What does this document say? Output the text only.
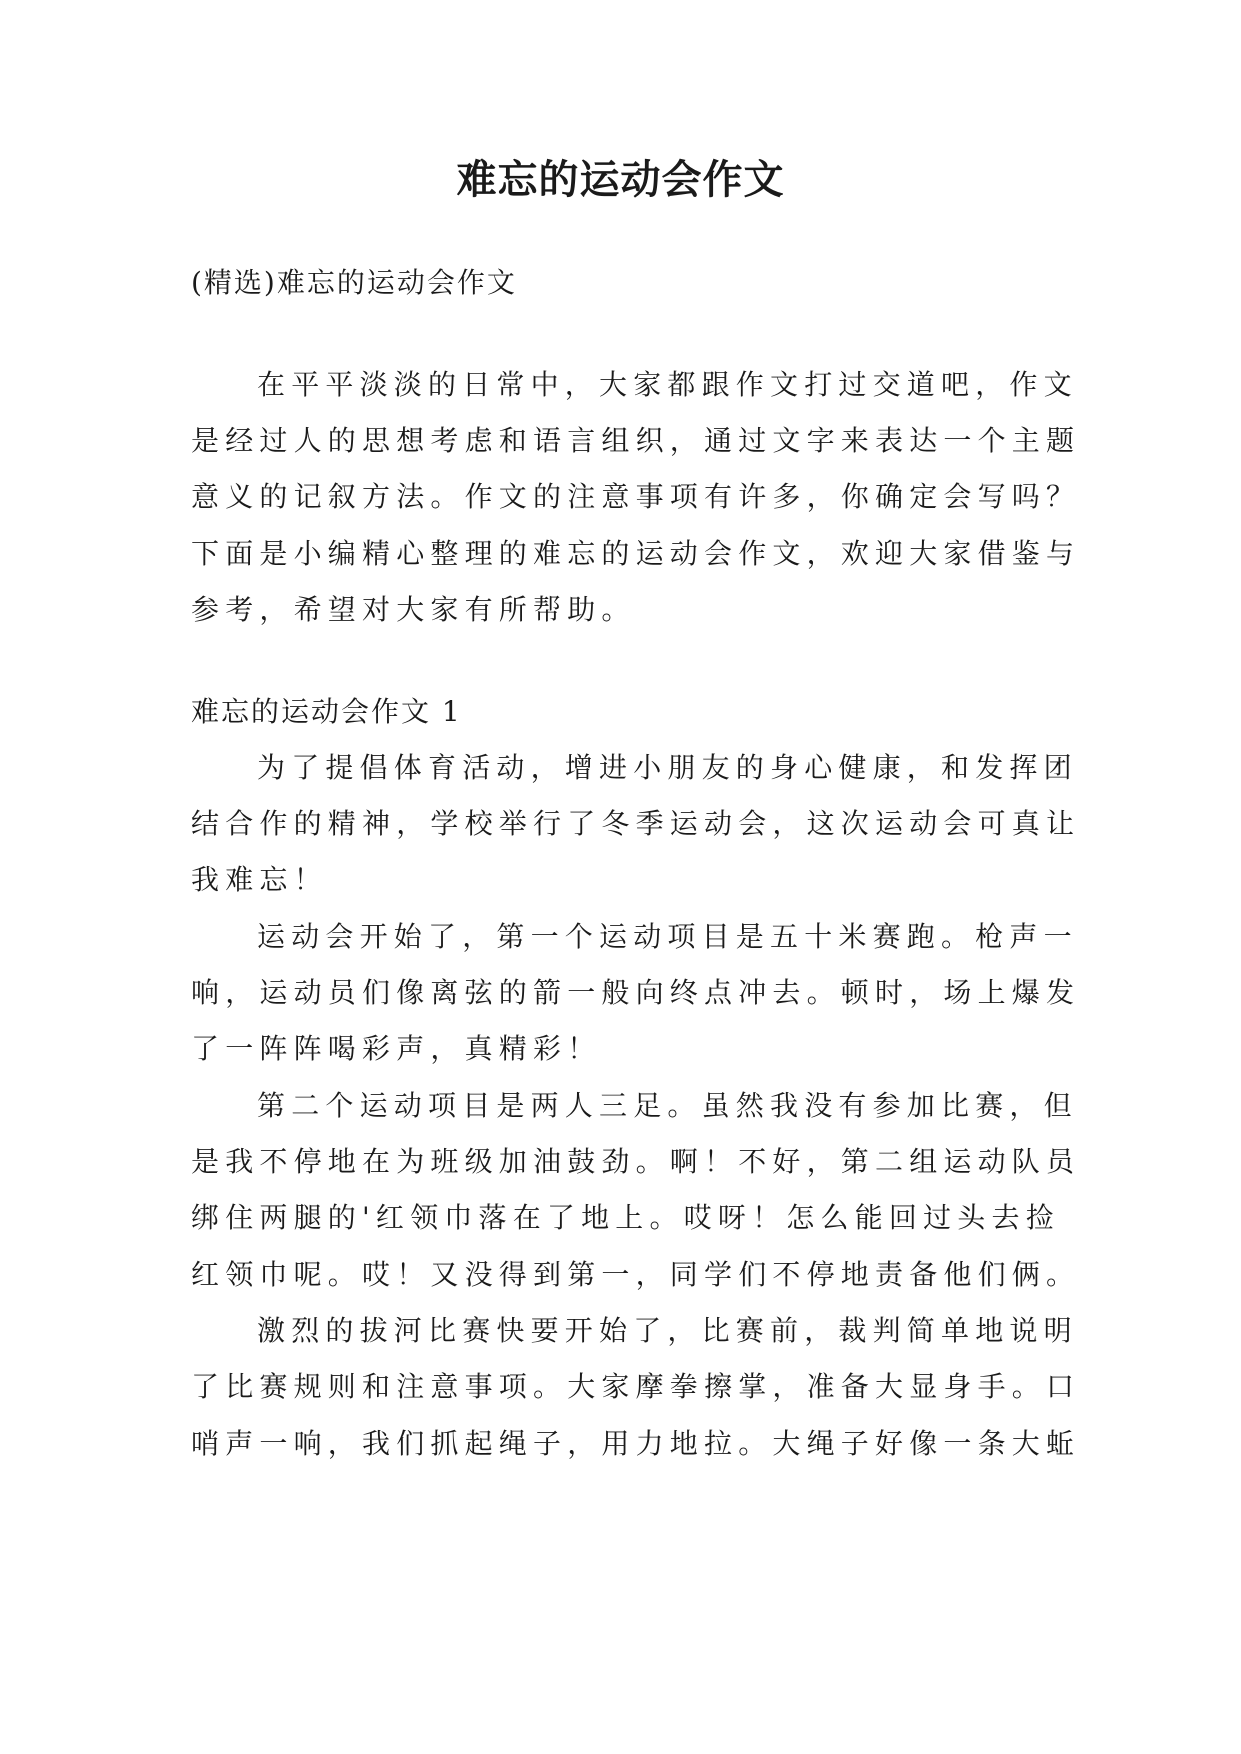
难忘的运动会作文

(精选)难忘的运动会作文

在平平淡淡的日常中，大家都跟作文打过交道吧，作文

是经过人的思想考虑和语言组织，通过文字来表达一个主题

意义的记叙方法。作文的注意事项有许多，你确定会写吗？

下面是小编精心整理的难忘的运动会作文，欢迎大家借鉴与

参考，希望对大家有所帮助。

难忘的运动会作文 1

为了提倡体育活动，增进小朋友的身心健康，和发挥团

结合作的精神，学校举行了冬季运动会，这次运动会可真让

我难忘！

运动会开始了，第一个运动项目是五十米赛跑。枪声一

响，运动员们像离弦的箭一般向终点冲去。顿时，场上爆发

了一阵阵喝彩声，真精彩！

第二个运动项目是两人三足。虽然我没有参加比赛，但

是我不停地在为班级加油鼓劲。啊！不好，第二组运动队员

绑住两腿的'红领巾落在了地上。哎呀！怎么能回过头去捡

红领巾呢。哎！又没得到第一，同学们不停地责备他们俩。

激烈的拔河比赛快要开始了，比赛前，裁判简单地说明

了比赛规则和注意事项。大家摩拳擦掌，准备大显身手。口

哨声一响，我们抓起绳子，用力地拉。大绳子好像一条大蚯
